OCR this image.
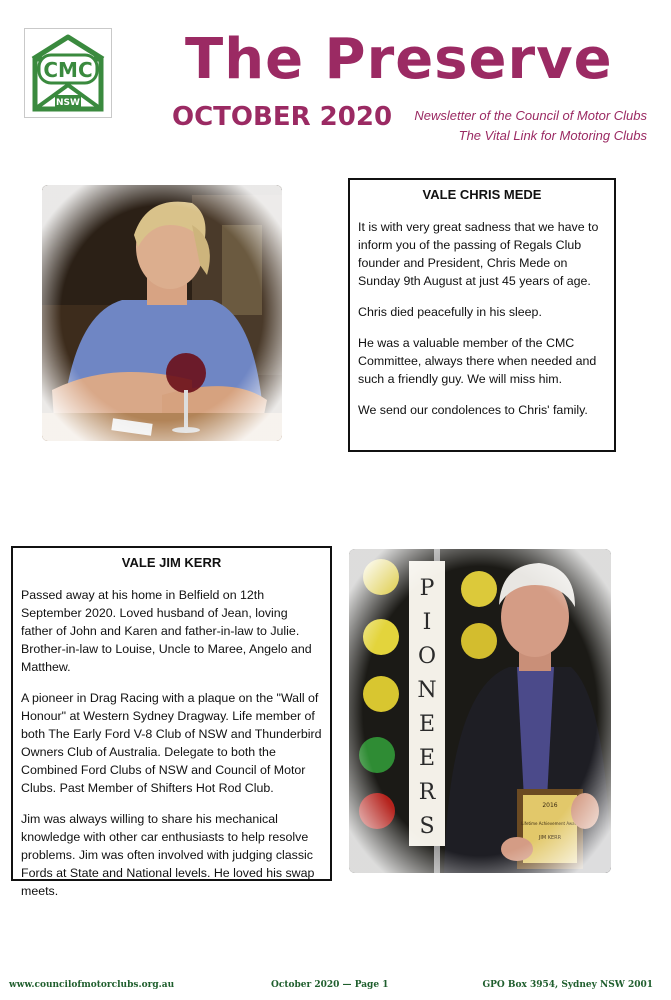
CMC
NSW
The Preserve
OCTOBER 2020	Newsletter of the Council of Motor Clubs
The Vital Link for Motoring Clubs
VALE CHRIS MEDE

It is with very great sadness that we have to inform you of the passing of Regals Club founder and President, Chris Mede on Sunday 9th August at just 45 years of age.

Chris died peacefully in his sleep.

He was a valuable member of the CMC Committee, always there when needed and such a friendly guy. We will miss him.

We send our condolences to Chris' family.

VALE JIM KERR

Passed away at his home in Belfield on 12th September 2020. Loved husband of Jean, loving father of John and Karen and father-in-law to Julie. Brother-in-law to Louise, Uncle to Maree, Angelo and Matthew.

A pioneer in Drag Racing with a plaque on the "Wall of Honour" at Western Sydney Dragway. Life member of both The Early Ford V-8 Club of NSW and Thunderbird Owners Club of Australia. Delegate to both the Combined Ford Clubs of NSW and Council of Motor Clubs. Past Member of Shifters Hot Rod Club.

Jim was always willing to share his mechanical knowledge with other car enthusiasts to help resolve problems. Jim was often involved with judging classic Fords at State and National levels. He loved his swap meets.

www.councilofmotorclubs.org.au	October 2020 — Page 1	GPO Box 3954, Sydney NSW 2001
